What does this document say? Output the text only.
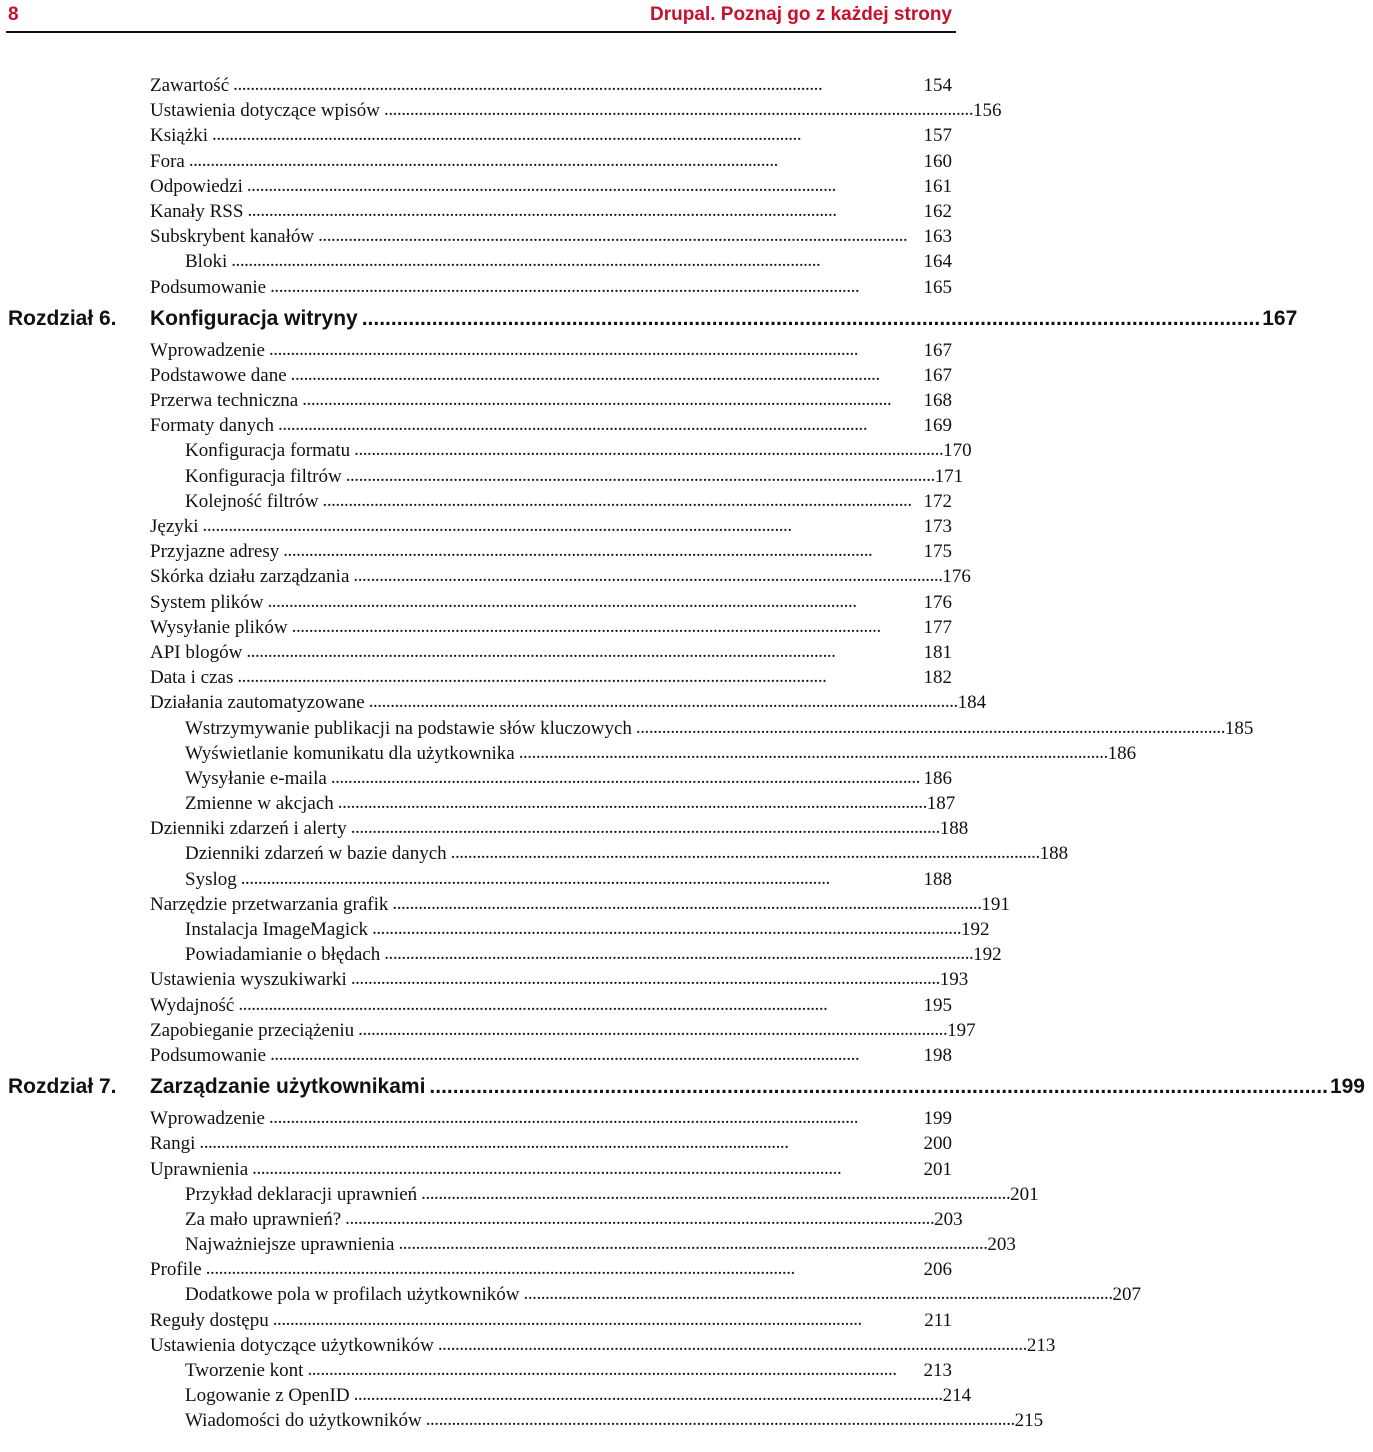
8	Drupal. Poznaj go z każdej strony
Zawartość . . .	154
Ustawienia dotyczące wpisów . . .	156
Książki . . .	157
Fora . . .	160
Odpowiedzi . . .	161
Kanały RSS . . .	162
Subskrybent kanałów . . .	163
Bloki . . .	164
Podsumowanie . . .	165
Rozdział 6.	Konfiguracja witryny .....	167
Wprowadzenie . . .	167
Podstawowe dane . . .	167
Przerwa techniczna . . .	168
Formaty danych . . .	169
Konfiguracja formatu . . .	170
Konfiguracja filtrów . . .	171
Kolejność filtrów . . .	172
Języki . . .	173
Przyjazne adresy . . .	175
Skórka działu zarządzania . . .	176
System plików . . .	176
Wysyłanie plików . . .	177
API blogów . . .	181
Data i czas . . .	182
Działania zautomatyzowane . . .	184
Wstrzymywanie publikacji na podstawie słów kluczowych . . .	185
Wyświetlanie komunikatu dla użytkownika . . .	186
Wysyłanie e-maila . . .	186
Zmienne w akcjach . . .	187
Dzienniki zdarzeń i alerty . . .	188
Dzienniki zdarzeń w bazie danych . . .	188
Syslog . . .	188
Narzędzie przetwarzania grafik . . .	191
Instalacja ImageMagick . . .	192
Powiadamianie o błędach . . .	192
Ustawienia wyszukiwarki . . .	193
Wydajność . . .	195
Zapobieganie przeciążeniu . . .	197
Podsumowanie . . .	198
Rozdział 7.	Zarządzanie użytkownikami .....	199
Wprowadzenie . . .	199
Rangi . . .	200
Uprawnienia . . .	201
Przykład deklaracji uprawnień . . .	201
Za mało uprawnień? . . .	203
Najważniejsze uprawnienia . . .	203
Profile . . .	206
Dodatkowe pola w profilach użytkowników . . .	207
Reguły dostępu . . .	211
Ustawienia dotyczące użytkowników . . .	213
Tworzenie kont . . .	213
Logowanie z OpenID . . .	214
Wiadomości do użytkowników . . .	215
